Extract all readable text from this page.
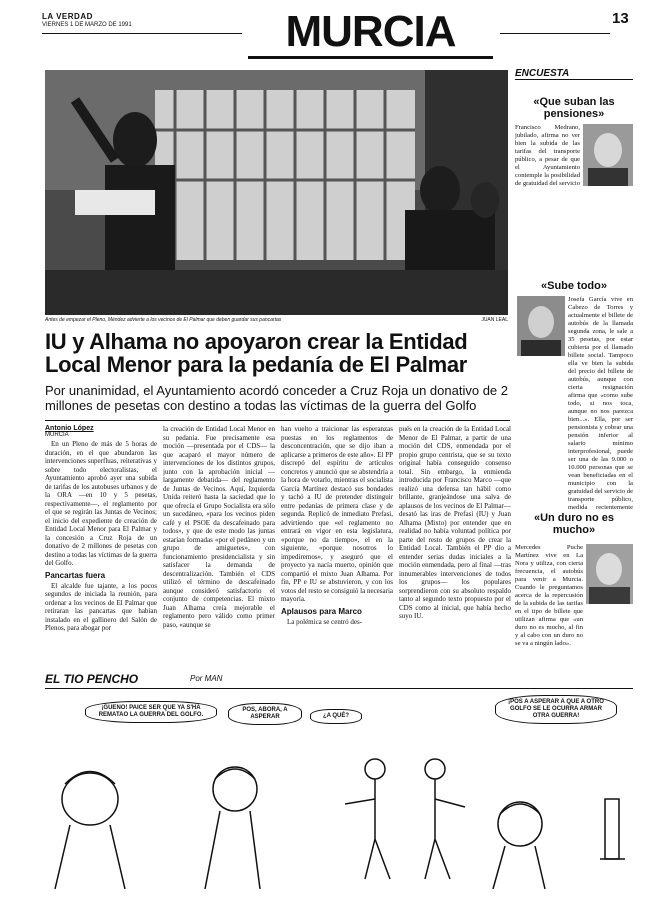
LA VERDAD
VIERNES 1 DE MARZO DE 1991	MURCIA	13
Antes de empezar el Pleno, Méndez advierte a los vecinos de El Palmar que deben guardar sus pancartas	JUAN LEAL
IU y Alhama no apoyaron crear la Entidad Local Menor para la pedanía de El Palmar
Por unanimidad, el Ayuntamiento acordó conceder a Cruz Roja un donativo de 2 millones de pesetas con destino a todas las víctimas de la guerra del Golfo
Antonio López
MURCIA

En un Pleno de más de 5 horas de duración, en el que abundaron las intervenciones superfluas, reiterativas y sobre todo electoralistas, el Ayuntamiento aprobó ayer una subida de tarifas de los autobuses urbanos y de la ORA —en 10 y 5 pesetas, respectivamente—, el reglamento por el que se regirán las Juntas de Vecinos; el inicio del expediente de creación de Entidad Local Menor para El Palmar y la concesión a Cruz Roja de un donativo de 2 millones de pesetas con destino a todas las víctimas de la guerra del Golfo.

Pancartas fuera

El alcalde fue tajante, a los pocos segundos de iniciada la reunión, para ordenar a los vecinos de El Palmar que retiraran las pancartas que habían instalado en el gallinero del Salón de Plenos, para abogar por

la creación de Entidad Local Menor en su pedanía. Fue precisamente esa moción —presentada por el CDS— la que acaparó el mayor número de intervenciones de los distintos grupos, junto con la aprobación inicial —largamente debatida— del reglamento de Juntas de Vecinos. Aquí, Izquierda Unida reiteró hasta la saciedad que lo que ofrecía el Grupo Socialista era sólo un sucedáneo, «para los vecinos piden café y el PSOE da descafeinado para todos», y que de este modo las juntas estarían formadas «por el pedáneo y un grupo de amiguetes», con funcionamiento presidencialista y sin satisfacer la demanda de descentralización. También el CDS utilizó el término de descafeinado aunque consideró satisfactorio el conjunto de competencias. El mixto Juan Alhama creía mejorable el reglamento pero válido como primer paso, «aunque se

han vuelto a traicionar las esperanzas puestas en los reglamentos de desconcentración, que se dijo iban a aplicarse a primeros de este año». El PP discrepó del espíritu de artículos concretos y anunció que se abstendría a la hora de votarlo, mientras el socialista García Martínez destacó sus bondades y tachó a IU de pretender distinguir entre pedanías de primera clase y de segunda. Replicó de inmediato Prefasi, advirtiendo que «el reglamento no entrará en vigor en esta legislatura, «porque no da tiempo», el en la siguiente, «porque nosotros lo impediremos», y aseguró que el proyecto ya nacía muerto, opinión que compartió el mixto Juan Alhama. Por fin, PP e IU se abstuvieron, y con los votos del resto se consiguió la necesaria mayoría.

Aplausos para Marco

La polémica se centró des-

pués en la creación de la Entidad Local Menor de El Palmar, a partir de una moción del CDS, enmendada por el propio grupo centrista, que se su texto original había conseguido consenso total. Sin embargo, la enmienda introducida por Francisco Marco —que realizó una defensa tan hábil como brillante, granjeándose una salva de aplausos de los vecinos de El Palmar— desató las iras de Prefasi (IU) y Juan Alhama (Mixto) por entender que en realidad no había voluntad política por parte del resto de grupos de crear la Entidad Local. También el PP dio a entender serias dudas iniciales a la moción enmendada, pero al final —tras innumerables intervenciones de todos los grupos— los populares sorprendieron con su absoluto respaldo tanto al segundo texto propuesto por el CDS como al inicial, que había hecho suyo IU.

ENCUESTA
«Que suban las pensiones»
Francisco Medrano, jubilado, afirma no ver bien la subida de las tarifas del transporte público, a pesar de que el Ayuntamiento contemple la posibilidad de gratuidad del servicio
«Sube todo»
Josefa García vive en Cabezo de Torres y actualmente el billete de autobús de la llamada segunda zona, le sale a 35 pesetas, por estar cubierta por el llamado billete social. Tampoco ella ve bien la subida del precio del billete de autobús, aunque con cierta resignación afirma que «como sube todo, si nos toca, aunque no nos parezca bien...». Ella, por ser pensionista y cobrar una pensión inferior al salario mínimo interprofesional, puede ser una de las 9.000 o 10.000 personas que se vean beneficiadas en el municipio con la gratuidad del servicio de transporte público, medida recientemente
«Un duro no es mucho»
Mercedes Puche Martínez vive en La Nora y utiliza, con cierta frecuencia, el autobús para venir a Murcia. Cuando le preguntamos acerca de la repercusión de la subida de las tarifas en el tipo de billete que utilizan afirma que «un duro no es mucho, al fin y al cabo con un duro no se va a ningún lado».
EL TIO PENCHO	Por MAN
¡GUENO! PAICE SER QUE YA S'HA REMATAO LA GUERRA DEL GOLFO.
POS, ABORA, A ASPERAR	¿A QUÉ?
¡POS A ASPERAR A QUE A OTRO GOLFO SE LE OCURRA ARMAR OTRA GUERRA!
